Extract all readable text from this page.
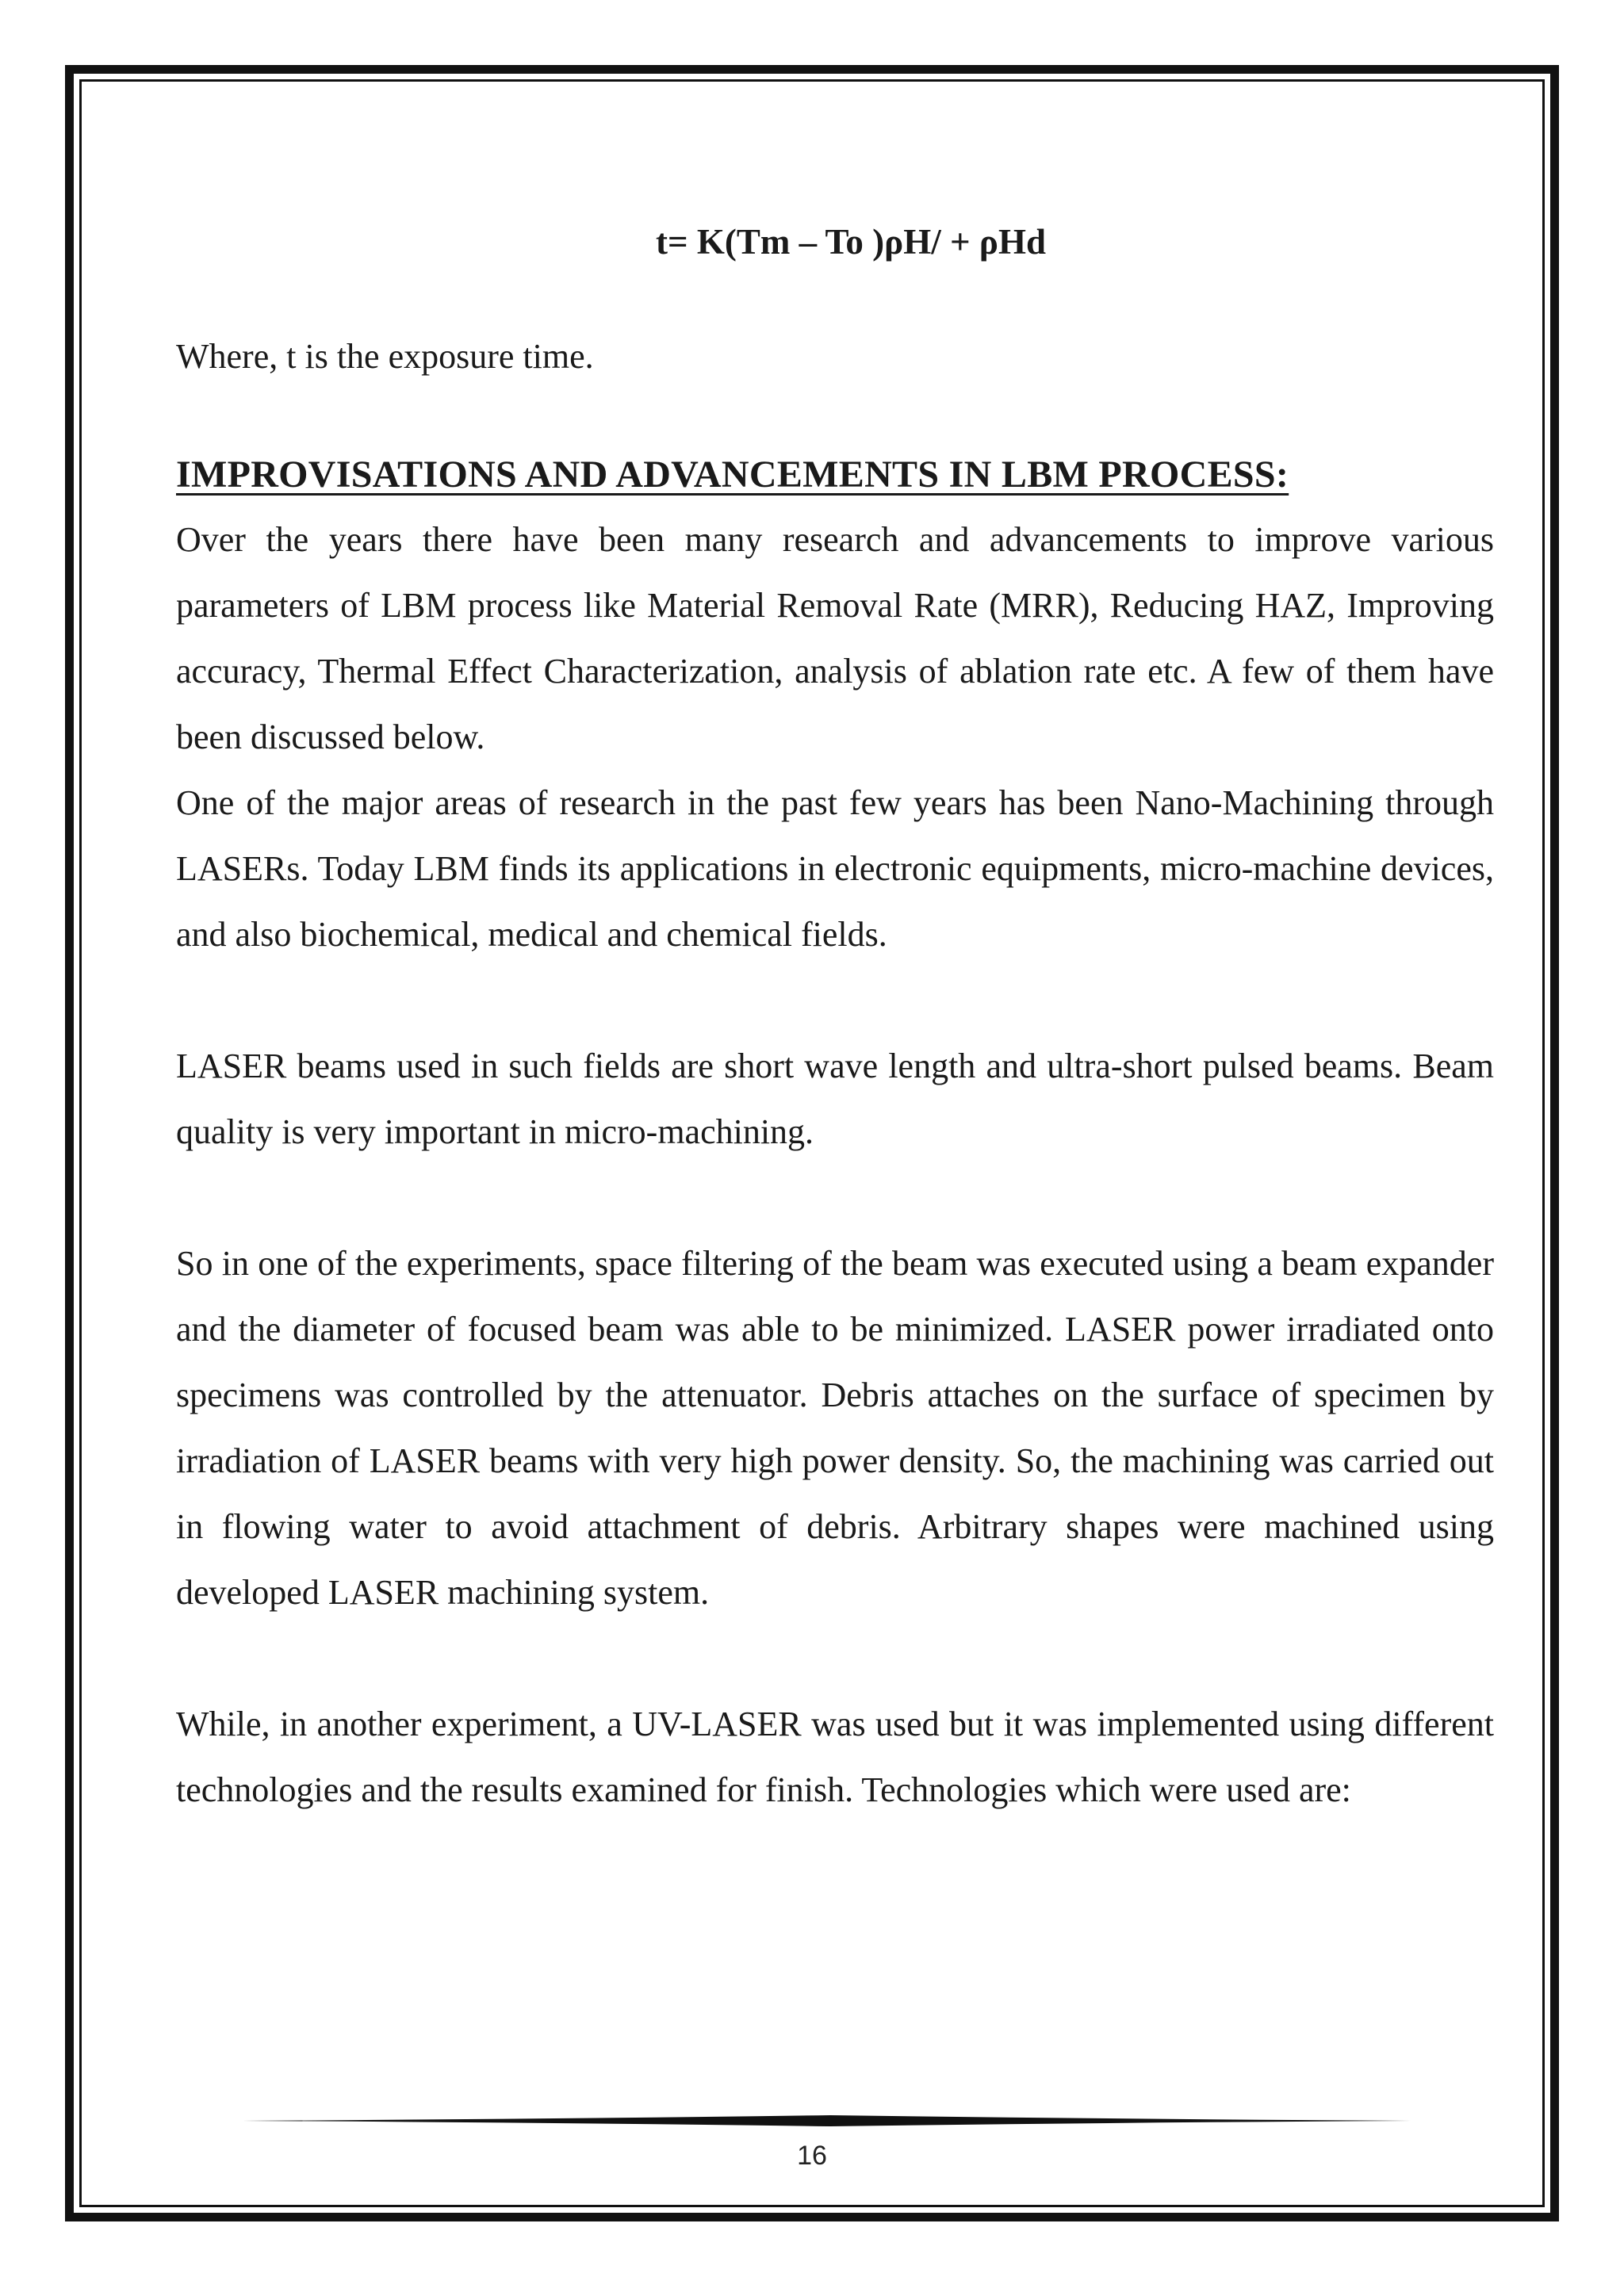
t= K(Tm – To )ρH/ + ρHd

Where, t is the exposure time.

IMPROVISATIONS AND ADVANCEMENTS IN LBM PROCESS:

Over the years there have been many research and advancements to improve various parameters of LBM process like Material Removal Rate (MRR), Reducing HAZ, Improving accuracy, Thermal Effect Characterization, analysis of ablation rate etc. A few of them have been discussed below.

One of the major areas of research in the past few years has been Nano-Machining through LASERs. Today LBM finds its applications in electronic equipments, micro-machine devices, and also biochemical, medical and chemical fields.

LASER beams used in such fields are short wave length and ultra-short pulsed beams. Beam quality is very important in micro-machining.

So in one of the experiments, space filtering of the beam was executed using a beam expander and the diameter of focused beam was able to be minimized. LASER power irradiated onto specimens was controlled by the attenuator. Debris attaches on the surface of specimen by irradiation of LASER beams with very high power density. So, the machining was carried out in flowing water to avoid attachment of debris. Arbitrary shapes were machined using developed LASER machining system.

While, in another experiment, a UV-LASER was used but it was implemented using different technologies and the results examined for finish. Technologies which were used are:

16
